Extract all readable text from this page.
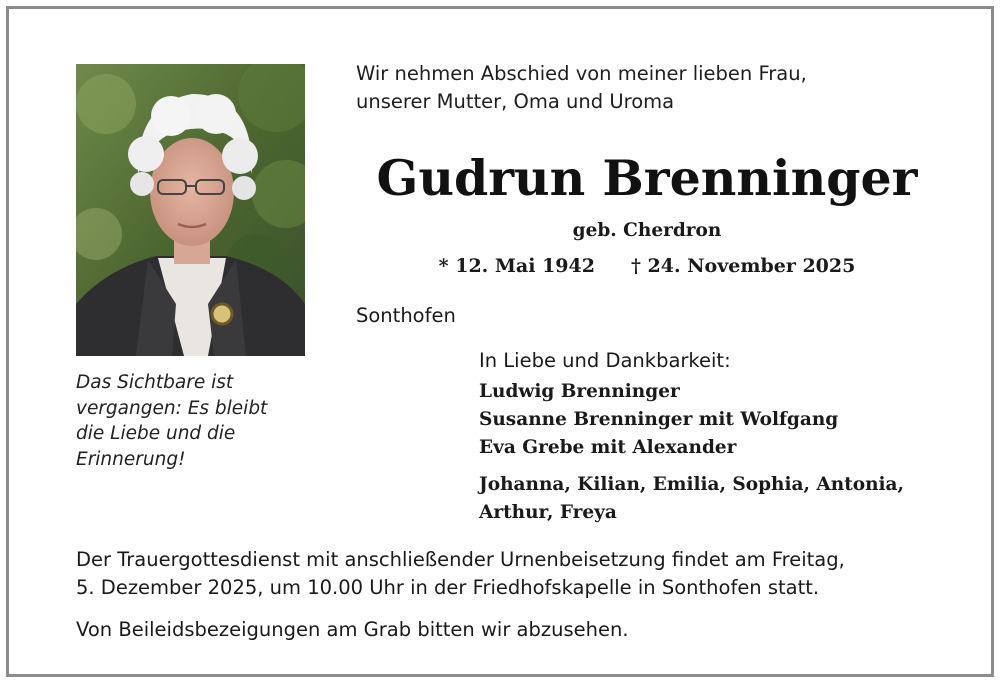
Das Sichtbare ist
vergangen: Es bleibt
die Liebe und die
Erinnerung!
Wir nehmen Abschied von meiner lieben Frau,
unserer Mutter, Oma und Uroma
Gudrun Brenninger
geb. Cherdron
* 12. Mai 1942 † 24. November 2025
Sonthofen
In Liebe und Dankbarkeit:
Ludwig Brenninger
Susanne Brenninger mit Wolfgang
Eva Grebe mit Alexander
Johanna, Kilian, Emilia, Sophia, Antonia,
Arthur, Freya
Der Trauergottesdienst mit anschließender Urnenbeisetzung findet am Freitag,
5. Dezember 2025, um 10.00 Uhr in der Friedhofskapelle in Sonthofen statt.
Von Beileidsbezeigungen am Grab bitten wir abzusehen.
